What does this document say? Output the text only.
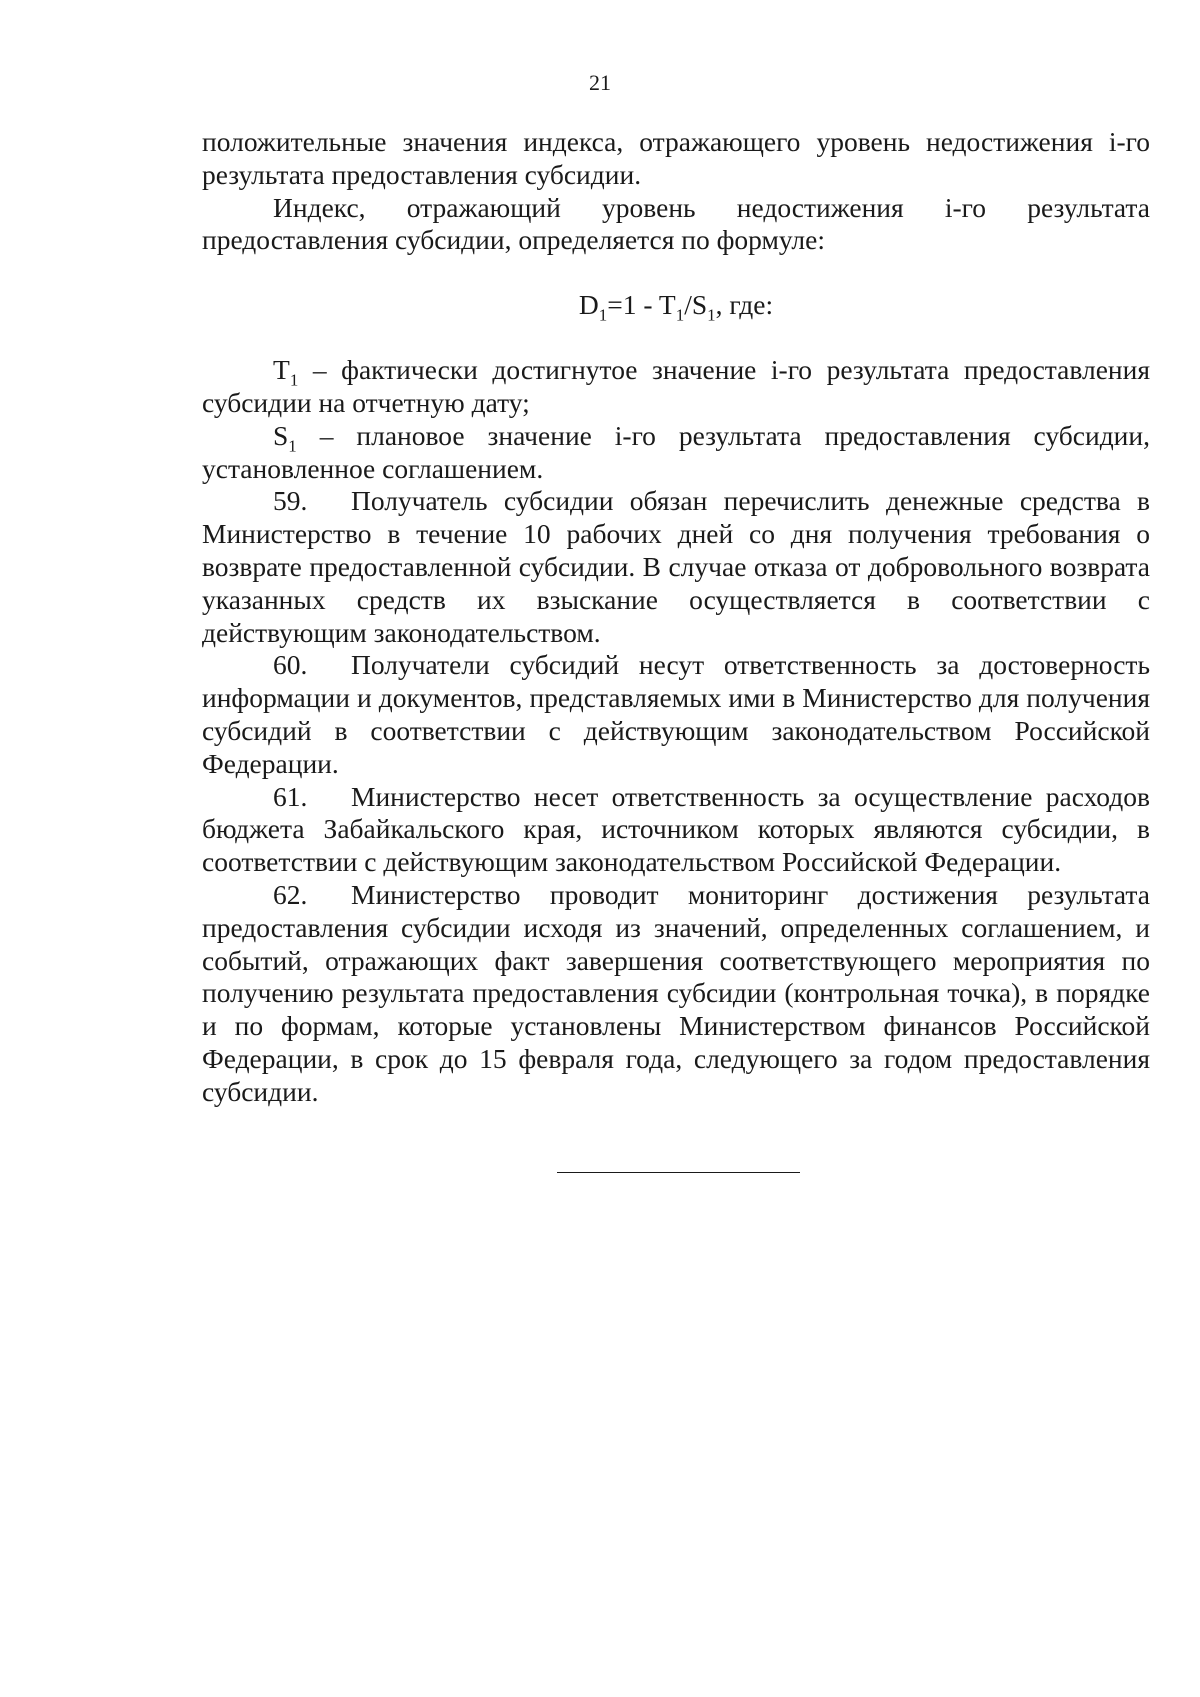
21

положительные значения индекса, отражающего уровень недостижения i-го результата предоставления субсидии.

Индекс, отражающий уровень недостижения i-го результата предоставления субсидии, определяется по формуле:

$D_1=1 - T_1/S_1$, где:

$T_1$ – фактически достигнутое значение i-го результата предоставления субсидии на отчетную дату;

$S_1$ – плановое значение i-го результата предоставления субсидии, установленное соглашением.

59. Получатель субсидии обязан перечислить денежные средства в Министерство в течение 10 рабочих дней со дня получения требования о возврате предоставленной субсидии. В случае отказа от добровольного возврата указанных средств их взыскание осуществляется в соответствии с действующим законодательством.

60. Получатели субсидий несут ответственность за достоверность информации и документов, представляемых ими в Министерство для получения субсидий в соответствии с действующим законодательством Российской Федерации.

61. Министерство несет ответственность за осуществление расходов бюджета Забайкальского края, источником которых являются субсидии, в соответствии с действующим законодательством Российской Федерации.

62. Министерство проводит мониторинг достижения результата предоставления субсидии исходя из значений, определенных соглашением, и событий, отражающих факт завершения соответствующего мероприятия по получению результата предоставления субсидии (контрольная точка), в порядке и по формам, которые установлены Министерством финансов Российской Федерации, в срок до 15 февраля года, следующего за годом предоставления субсидии.
